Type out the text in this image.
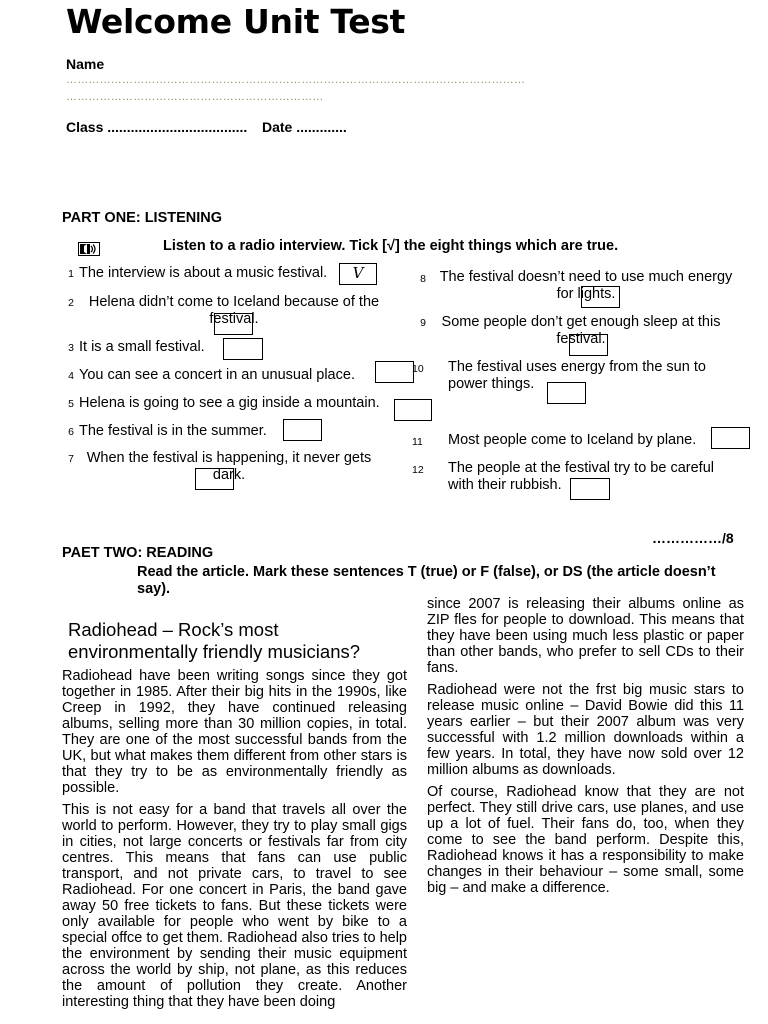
Welcome Unit Test
Name
……………………………………………………………………………………………………………
……………………………………………………………
Class .................................... Date .............
PART ONE: LISTENING
Listen to a radio interview. Tick [√] the eight things which are true.
1 The interview is about a music festival.	V
2	Helena didn’t come to Iceland because of the festival.
3 It is a small festival.
4 You can see a concert in an unusual place.
5 Helena is going to see a gig inside a mountain.
6 The festival is in the summer.
7 When the festival is happening, it never gets dark.
8 The festival doesn’t need to use much energy for lights.
9	Some people don’t get enough sleep at this festival.
10	The festival uses energy from the sun to power things.
11	Most people come to Iceland by plane.
12	The people at the festival try to be careful with their rubbish.
……………/8
PAET TWO: READING
Read the article. Mark these sentences T (true) or F (false), or DS (the article doesn’t say).
Radiohead – Rock’s most environmentally friendly musicians?

Radiohead have been writing songs since they got together in 1985. After their big hits in the 1990s, like Creep in 1992, they have continued releasing albums, selling more than 30 million copies, in total. They are one of the most successful bands from the UK, but what makes them different from other stars is that they try to be as environmentally friendly as possible.

This is not easy for a band that travels all over the world to perform. However, they try to play small gigs in cities, not large concerts or festivals far from city centres. This means that fans can use public transport, and not private cars, to travel to see Radiohead. For one concert in Paris, the band gave away 50 free tickets to fans. But these tickets were only available for people who went by bike to a special offce to get them. Radiohead also tries to help the environment by sending their music equipment across the world by ship, not plane, as this reduces the amount of pollution they create. Another interesting thing that they have been doing

since 2007 is releasing their albums online as ZIP fles for people to download. This means that they have been using much less plastic or paper than other bands, who prefer to sell CDs to their fans.

Radiohead were not the frst big music stars to release music online – David Bowie did this 11 years earlier – but their 2007 album was very successful with 1.2 million downloads within a few years. In total, they have now sold over 12 million albums as downloads.

Of course, Radiohead know that they are not perfect. They still drive cars, use planes, and use up a lot of fuel. Their fans do, too, when they come to see the band perform. Despite this, Radiohead knows it has a responsibility to make changes in their behaviour – some small, some big – and make a difference.
